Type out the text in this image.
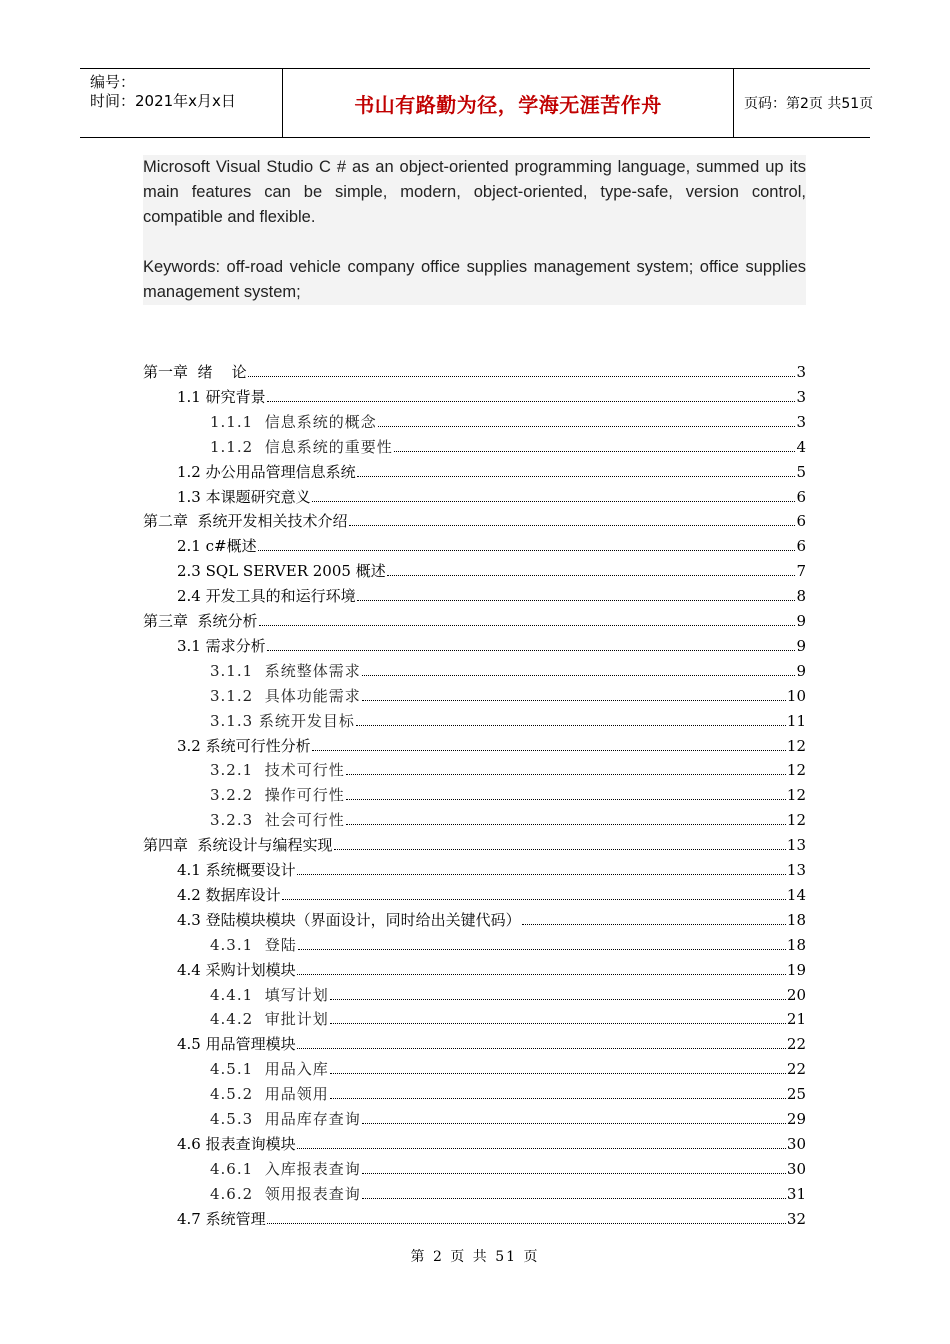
编号：
时间：2021年x月x日	书山有路勤为径，学海无涯苦作舟	页码：第2页 共51页

Microsoft Visual Studio C # as an object-oriented programming language, summed up its main features can be simple, modern, object-oriented, type-safe, version control, compatible and flexible.

Keywords: off-road vehicle company office supplies management system; office supplies management system;

第一章  绪    论	3
1.1 研究背景	3
1.1.1  信息系统的概念	3
1.1.2  信息系统的重要性	4
1.2 办公用品管理信息系统	5
1.3 本课题研究意义	6
第二章  系统开发相关技术介绍	6
2.1 c#概述	6
2.3 SQL SERVER 2005 概述	7
2.4 开发工具的和运行环境	8
第三章  系统分析	9
3.1 需求分析	9
3.1.1  系统整体需求	9
3.1.2  具体功能需求	10
3.1.3 系统开发目标	11
3.2 系统可行性分析	12
3.2.1  技术可行性	12
3.2.2  操作可行性	12
3.2.3  社会可行性	12
第四章  系统设计与编程实现	13
4.1 系统概要设计	13
4.2 数据库设计	14
4.3 登陆模块模块（界面设计，同时给出关键代码）	18
4.3.1  登陆	18
4.4 采购计划模块	19
4.4.1  填写计划	20
4.4.2  审批计划	21
4.5 用品管理模块	22
4.5.1  用品入库	22
4.5.2  用品领用	25
4.5.3  用品库存查询	29
4.6 报表查询模块	30
4.6.1  入库报表查询	30
4.6.2  领用报表查询	31
4.7 系统管理	32
第 2 页 共 51 页
